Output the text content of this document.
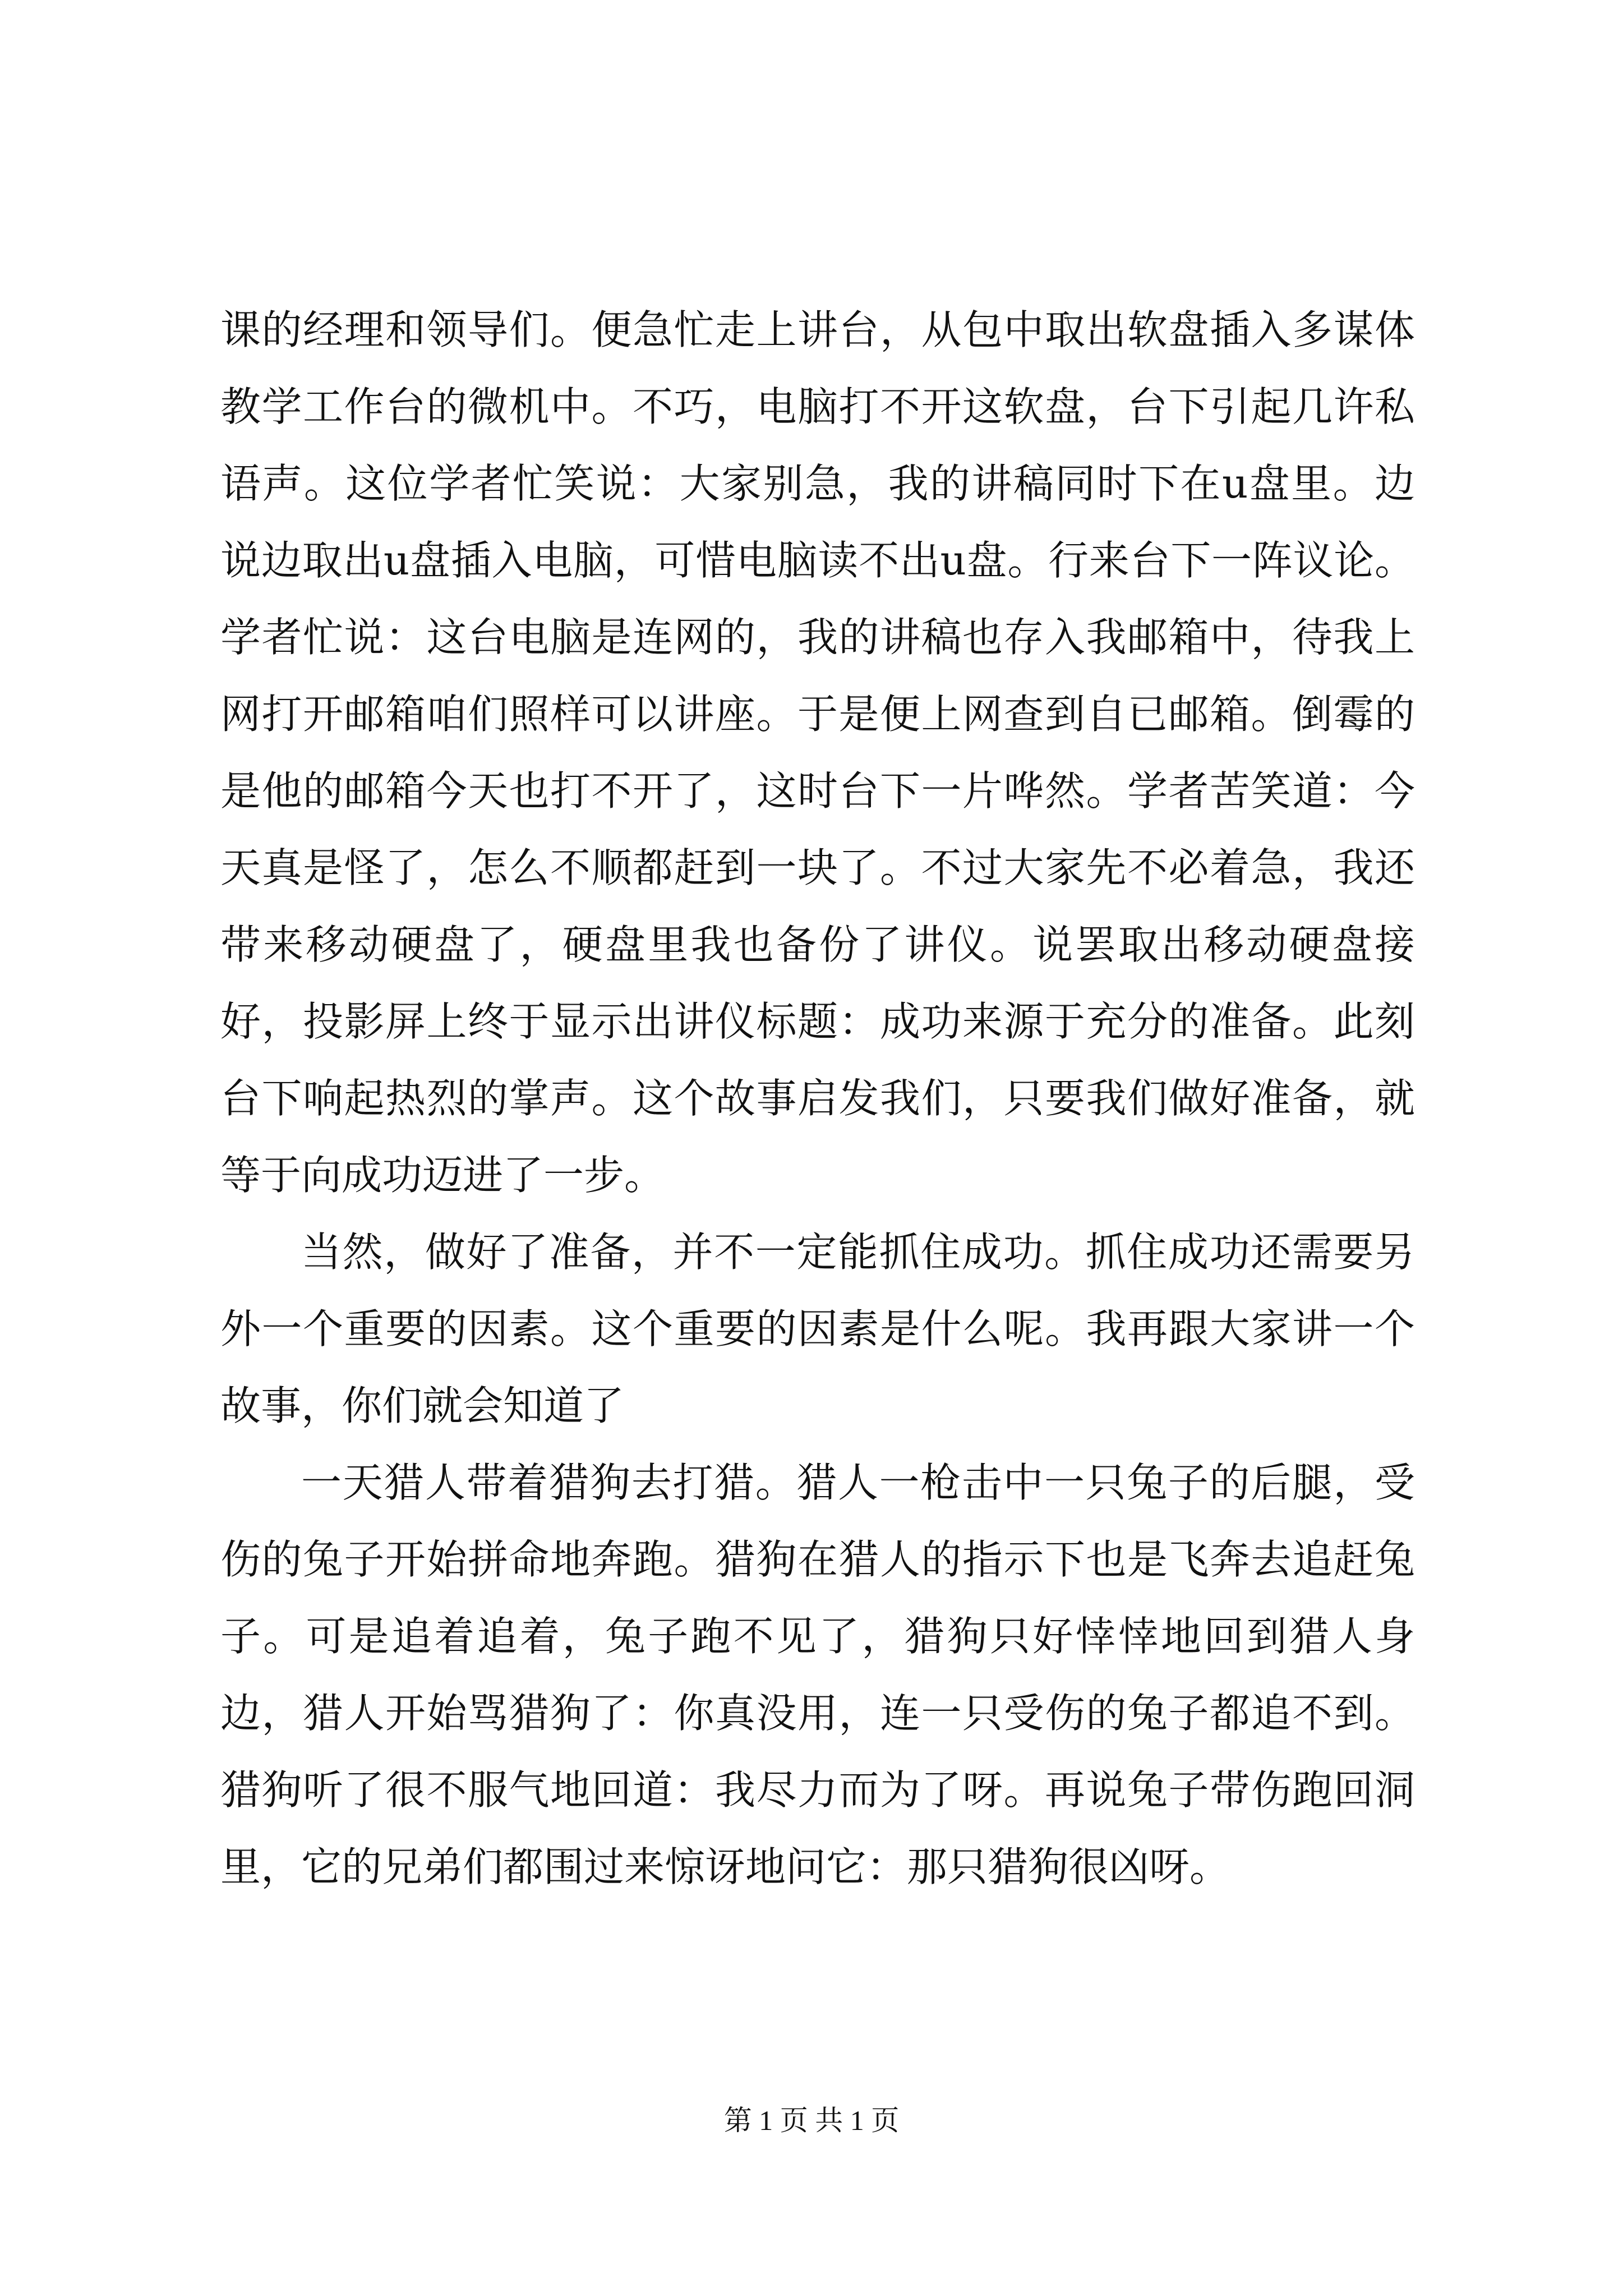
课的经理和领导们。便急忙走上讲台，从包中取出软盘插入多谋体教学工作台的微机中。不巧，电脑打不开这软盘，台下引起几许私语声。这位学者忙笑说：大家别急，我的讲稿同时下在u盘里。边说边取出u盘插入电脑，可惜电脑读不出u盘。行来台下一阵议论。学者忙说：这台电脑是连网的，我的讲稿也存入我邮箱中，待我上网打开邮箱咱们照样可以讲座。于是便上网查到自已邮箱。倒霉的是他的邮箱今天也打不开了，这时台下一片哗然。学者苦笑道：今天真是怪了，怎么不顺都赶到一块了。不过大家先不必着急，我还带来移动硬盘了，硬盘里我也备份了讲仪。说罢取出移动硬盘接好，投影屏上终于显示出讲仪标题：成功来源于充分的准备。此刻台下响起热烈的掌声。这个故事启发我们，只要我们做好准备，就等于向成功迈进了一步。

当然，做好了准备，并不一定能抓住成功。抓住成功还需要另外一个重要的因素。这个重要的因素是什么呢。我再跟大家讲一个故事，你们就会知道了

一天猎人带着猎狗去打猎。猎人一枪击中一只兔子的后腿，受伤的兔子开始拼命地奔跑。猎狗在猎人的指示下也是飞奔去追赶兔子。可是追着追着，兔子跑不见了，猎狗只好悻悻地回到猎人身边，猎人开始骂猎狗了：你真没用，连一只受伤的兔子都追不到。猎狗听了很不服气地回道：我尽力而为了呀。再说兔子带伤跑回洞里，它的兄弟们都围过来惊讶地问它：那只猎狗很凶呀。

第 1 页 共 1 页
